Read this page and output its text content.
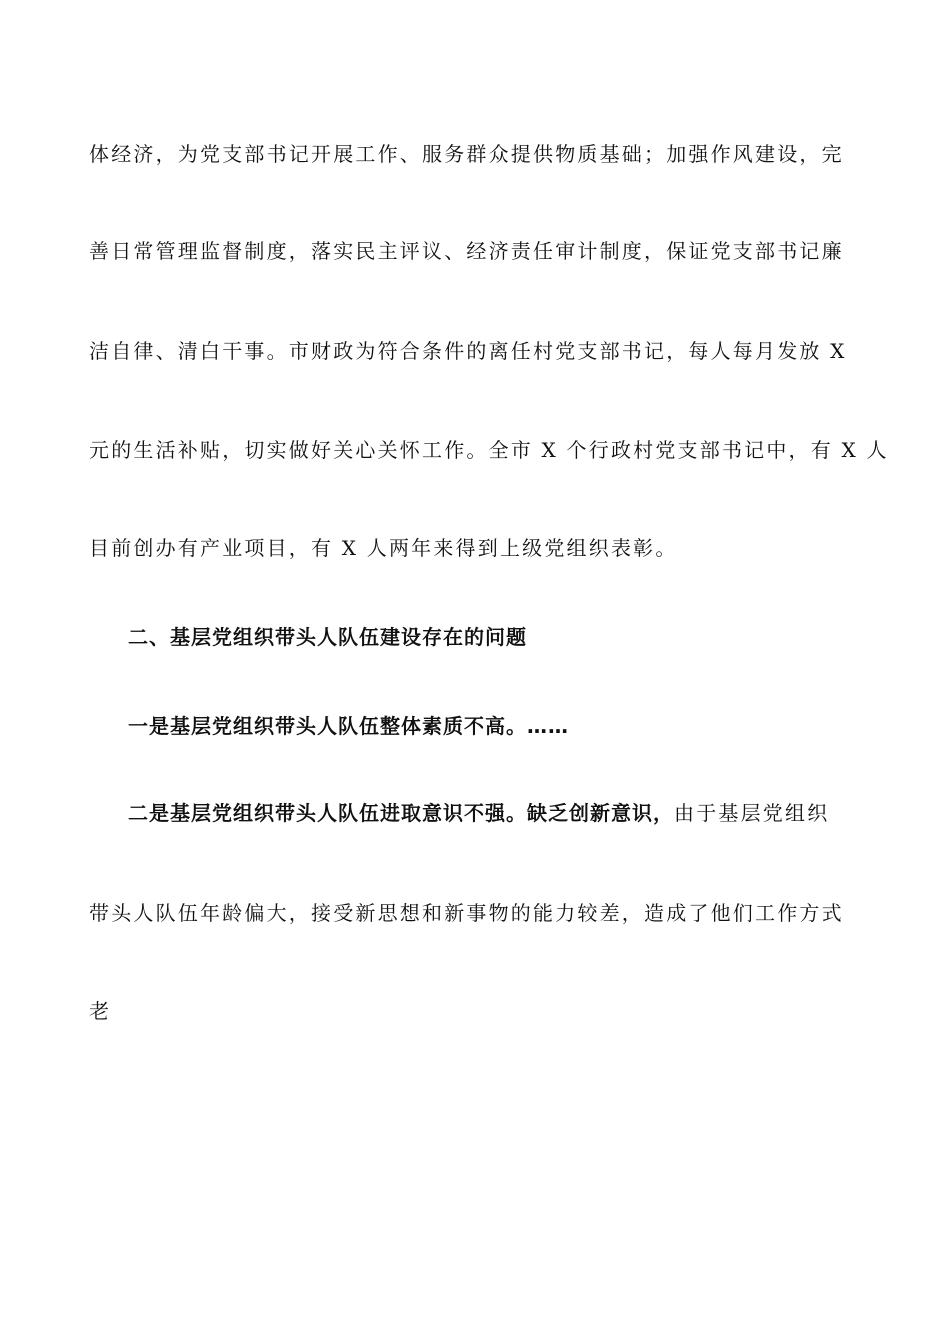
体经济，为党支部书记开展工作、服务群众提供物质基础；加强作风建设，完
善日常管理监督制度，落实民主评议、经济责任审计制度，保证党支部书记廉
洁自律、清白干事。市财政为符合条件的离任村党支部书记，每人每月发放 X
元的生活补贴，切实做好关心关怀工作。全市 X 个行政村党支部书记中，有 X 人
目前创办有产业项目，有 X 人两年来得到上级党组织表彰。
二、基层党组织带头人队伍建设存在的问题
一是基层党组织带头人队伍整体素质不高。……
二是基层党组织带头人队伍进取意识不强。缺乏创新意识，由于基层党组织
带头人队伍年龄偏大，接受新思想和新事物的能力较差，造成了他们工作方式
老
